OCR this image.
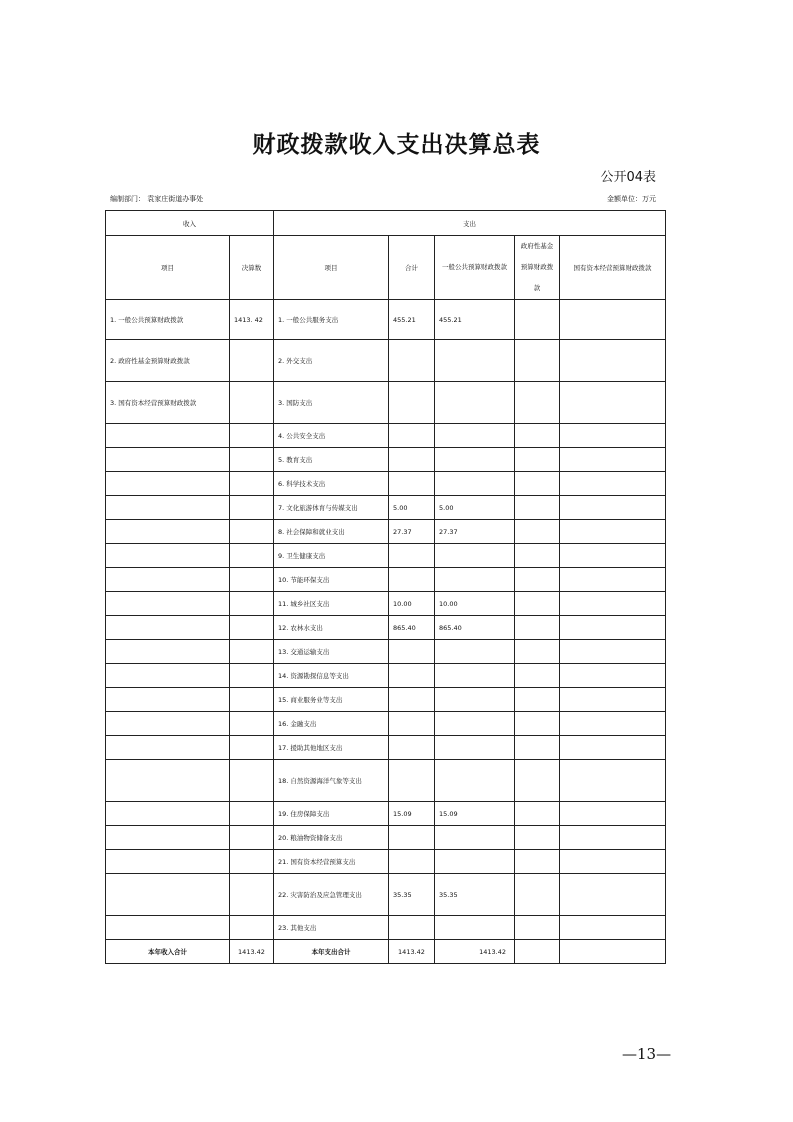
财政拨款收入支出决算总表
公开04表
编制部门： 袁家庄街道办事处	金额单位：万元
收入		支出				
项目	决算数	项目	合计	一般公共预算财政拨款	政府性基金预算财政拨款	国有资本经营预算财政拨款
1. 一般公共预算财政拨款	1413. 42	1. 一般公共服务支出	455.21	455.21		
2. 政府性基金预算财政拨款		2. 外交支出				
3. 国有资本经营预算财政拨款		3. 国防支出				
		4. 公共安全支出				
		5. 教育支出				
		6. 科学技术支出				
		7. 文化旅游体育与传媒支出	5.00	5.00		
		8. 社会保障和就业支出	27.37	27.37		
		9. 卫生健康支出				
		10. 节能环保支出				
		11. 城乡社区支出	10.00	10.00		
		12. 农林水支出	865.40	865.40		
		13. 交通运输支出				
		14. 资源勘探信息等支出				
		15. 商业服务业等支出				
		16. 金融支出				
		17. 援助其他地区支出				
		18. 自然资源海洋气象等支出				
		19. 住房保障支出	15.09	15.09		
		20. 粮油物资储备支出				
		21. 国有资本经营预算支出				
		22. 灾害防治及应急管理支出	35.35	35.35		
		23. 其他支出				
本年收入合计	1413.42	本年支出合计	1413.42	1413.42		
—13—
